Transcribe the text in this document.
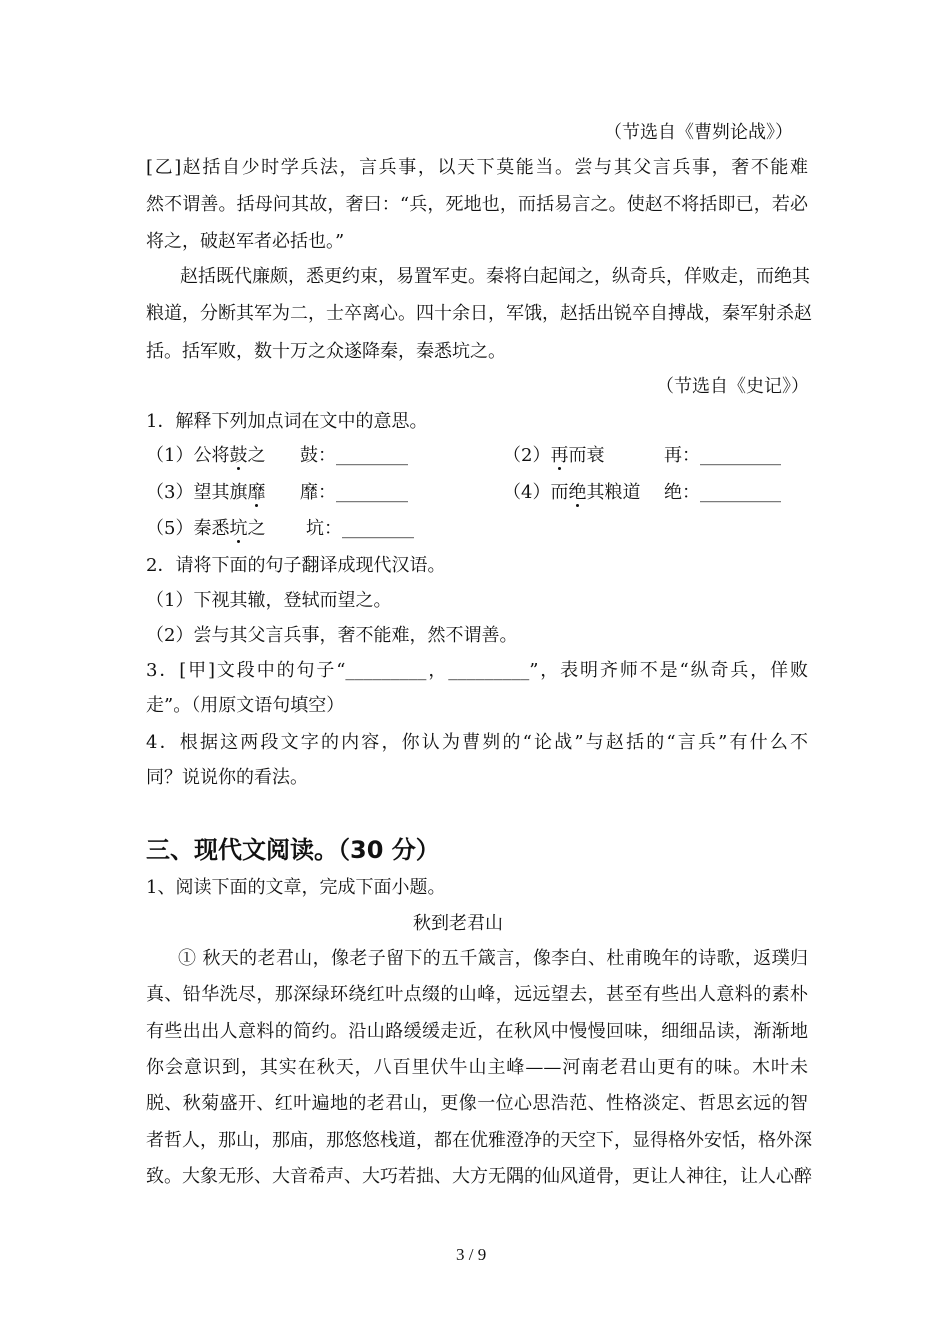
（节选自《曹刿论战》）
[乙]赵括自少时学兵法，言兵事，以天下莫能当。尝与其父言兵事，奢不能难
然不谓善。括母问其故，奢曰：“兵，死地也，而括易言之。使赵不将括即已，若必
将之，破赵军者必括也。”
赵括既代廉颇，悉更约束，易置军吏。秦将白起闻之，纵奇兵，佯败走，而绝其
粮道，分断其军为二，士卒离心。四十余日，军饿，赵括出锐卒自搏战，秦军射杀赵
括。括军败，数十万之众遂降秦，秦悉坑之。
（节选自《史记》）
1．解释下列加点词在文中的意思。
（1）公将鼓之 鼓：________	（2）再而衰	再：_________
（3）望其旗靡 靡：________	（4）而绝其粮道 绝：_________
（5）秦悉坑之 坑：________
2．请将下面的句子翻译成现代汉语。
（1）下视其辙，登轼而望之。
（2）尝与其父言兵事，奢不能难，然不谓善。
3．[甲]文段中的句子“_________，_________”，表明齐师不是“纵奇兵，佯败
走”。（用原文语句填空）
4．根据这两段文字的内容，你认为曹刿的“论战”与赵括的“言兵”有什么不
同？说说你的看法。
三、现代文阅读。（30 分）
1、阅读下面的文章，完成下面小题。
秋到老君山
① 秋天的老君山，像老子留下的五千箴言，像李白、杜甫晚年的诗歌，返璞归
真、铅华洗尽，那深绿环绕红叶点缀的山峰，远远望去，甚至有些出人意料的素朴
有些出出人意料的简约。沿山路缓缓走近，在秋风中慢慢回味，细细品读，渐渐地
你会意识到，其实在秋天，八百里伏牛山主峰——河南老君山更有的味。木叶未
脱、秋菊盛开、红叶遍地的老君山，更像一位心思浩范、性格淡定、哲思玄远的智
者哲人，那山，那庙，那悠悠栈道，都在优雅澄净的天空下，显得格外安恬，格外深
致。大象无形、大音希声、大巧若拙、大方无隅的仙风道骨，更让人神往，让人心醉
3 / 9
